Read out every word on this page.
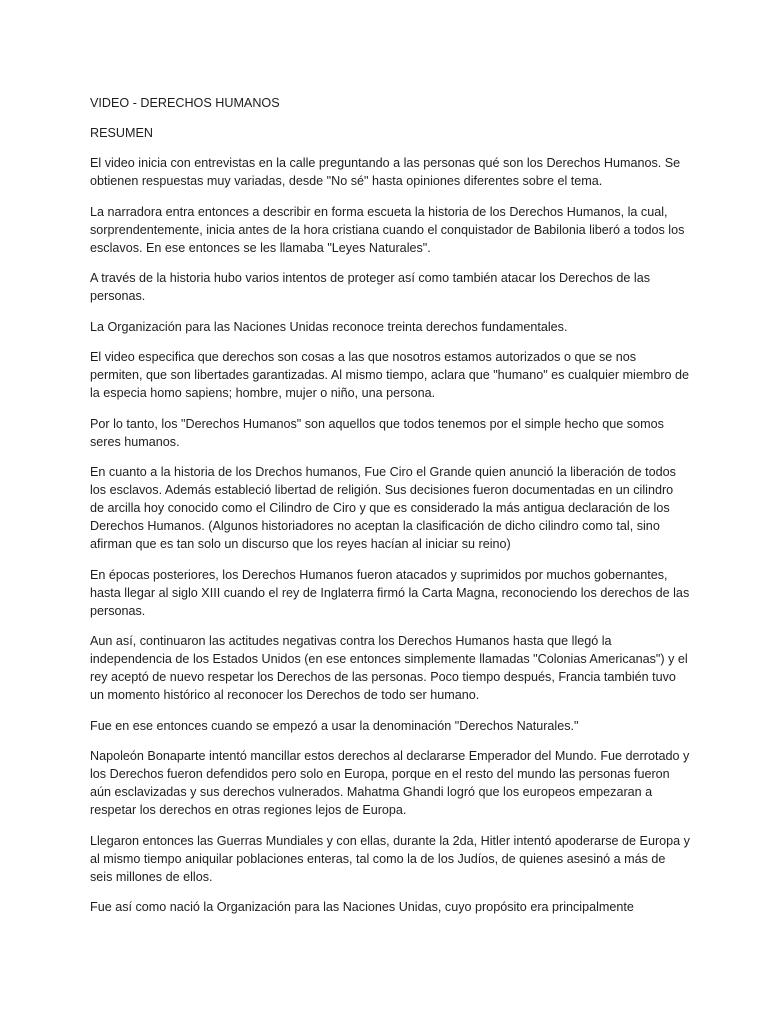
VIDEO - DERECHOS HUMANOS

RESUMEN

El video inicia con entrevistas en la calle preguntando a las personas qué son los Derechos Humanos. Se obtienen respuestas muy variadas, desde "No sé" hasta opiniones diferentes sobre el tema.

La narradora entra entonces a describir en forma escueta la historia de los Derechos Humanos, la cual, sorprendentemente, inicia antes de la hora cristiana cuando el conquistador de Babilonia liberó a todos los esclavos. En ese entonces se les llamaba "Leyes Naturales".

A través de la historia hubo varios intentos de proteger así como también atacar los Derechos de las personas.

La Organización para las Naciones Unidas reconoce treinta derechos fundamentales.

El video especifica que derechos son cosas a las que nosotros estamos autorizados o que se nos permiten, que son libertades garantizadas. Al mismo tiempo, aclara que "humano" es cualquier miembro de la especia homo sapiens; hombre, mujer o niño, una persona.

Por lo tanto, los "Derechos Humanos" son aquellos que todos tenemos por el simple hecho que somos seres humanos.

En cuanto a la historia de los Drechos humanos, Fue Ciro el Grande quien anunció la liberación de todos los esclavos. Además estableció libertad de religión. Sus decisiones fueron documentadas en un cilindro de arcilla hoy conocido como el Cilindro de Ciro y que es considerado la más antigua declaración de los Derechos Humanos. (Algunos historiadores no aceptan la clasificación de dicho cilindro como tal, sino afirman que es tan solo un discurso que los reyes hacían al iniciar su reino)

En épocas posteriores, los Derechos Humanos fueron atacados y suprimidos por muchos gobernantes, hasta llegar al siglo XIII cuando el rey de Inglaterra firmó la Carta Magna, reconociendo los derechos de las personas.

Aun así, continuaron las actitudes negativas contra los Derechos Humanos hasta que llegó la independencia de los Estados Unidos (en ese entonces simplemente llamadas "Colonias Americanas") y el rey aceptó de nuevo respetar los Derechos de las personas. Poco tiempo después, Francia también tuvo un momento histórico al reconocer los Derechos de todo ser humano.

Fue en ese entonces cuando se empezó a usar la denominación "Derechos Naturales."

Napoleón Bonaparte intentó mancillar estos derechos al declararse Emperador del Mundo. Fue derrotado y los Derechos fueron defendidos pero solo en Europa, porque en el resto del mundo las personas fueron aún esclavizadas y sus derechos vulnerados. Mahatma Ghandi logró que los europeos empezaran a respetar los derechos en otras regiones lejos de Europa.

Llegaron entonces las Guerras Mundiales y con ellas, durante la 2da, Hitler intentó apoderarse de Europa y al mismo tiempo aniquilar poblaciones enteras, tal como la de los Judíos, de quienes asesinó a más de seis millones de ellos.

Fue así como nació la Organización para las Naciones Unidas, cuyo propósito era principalmente
